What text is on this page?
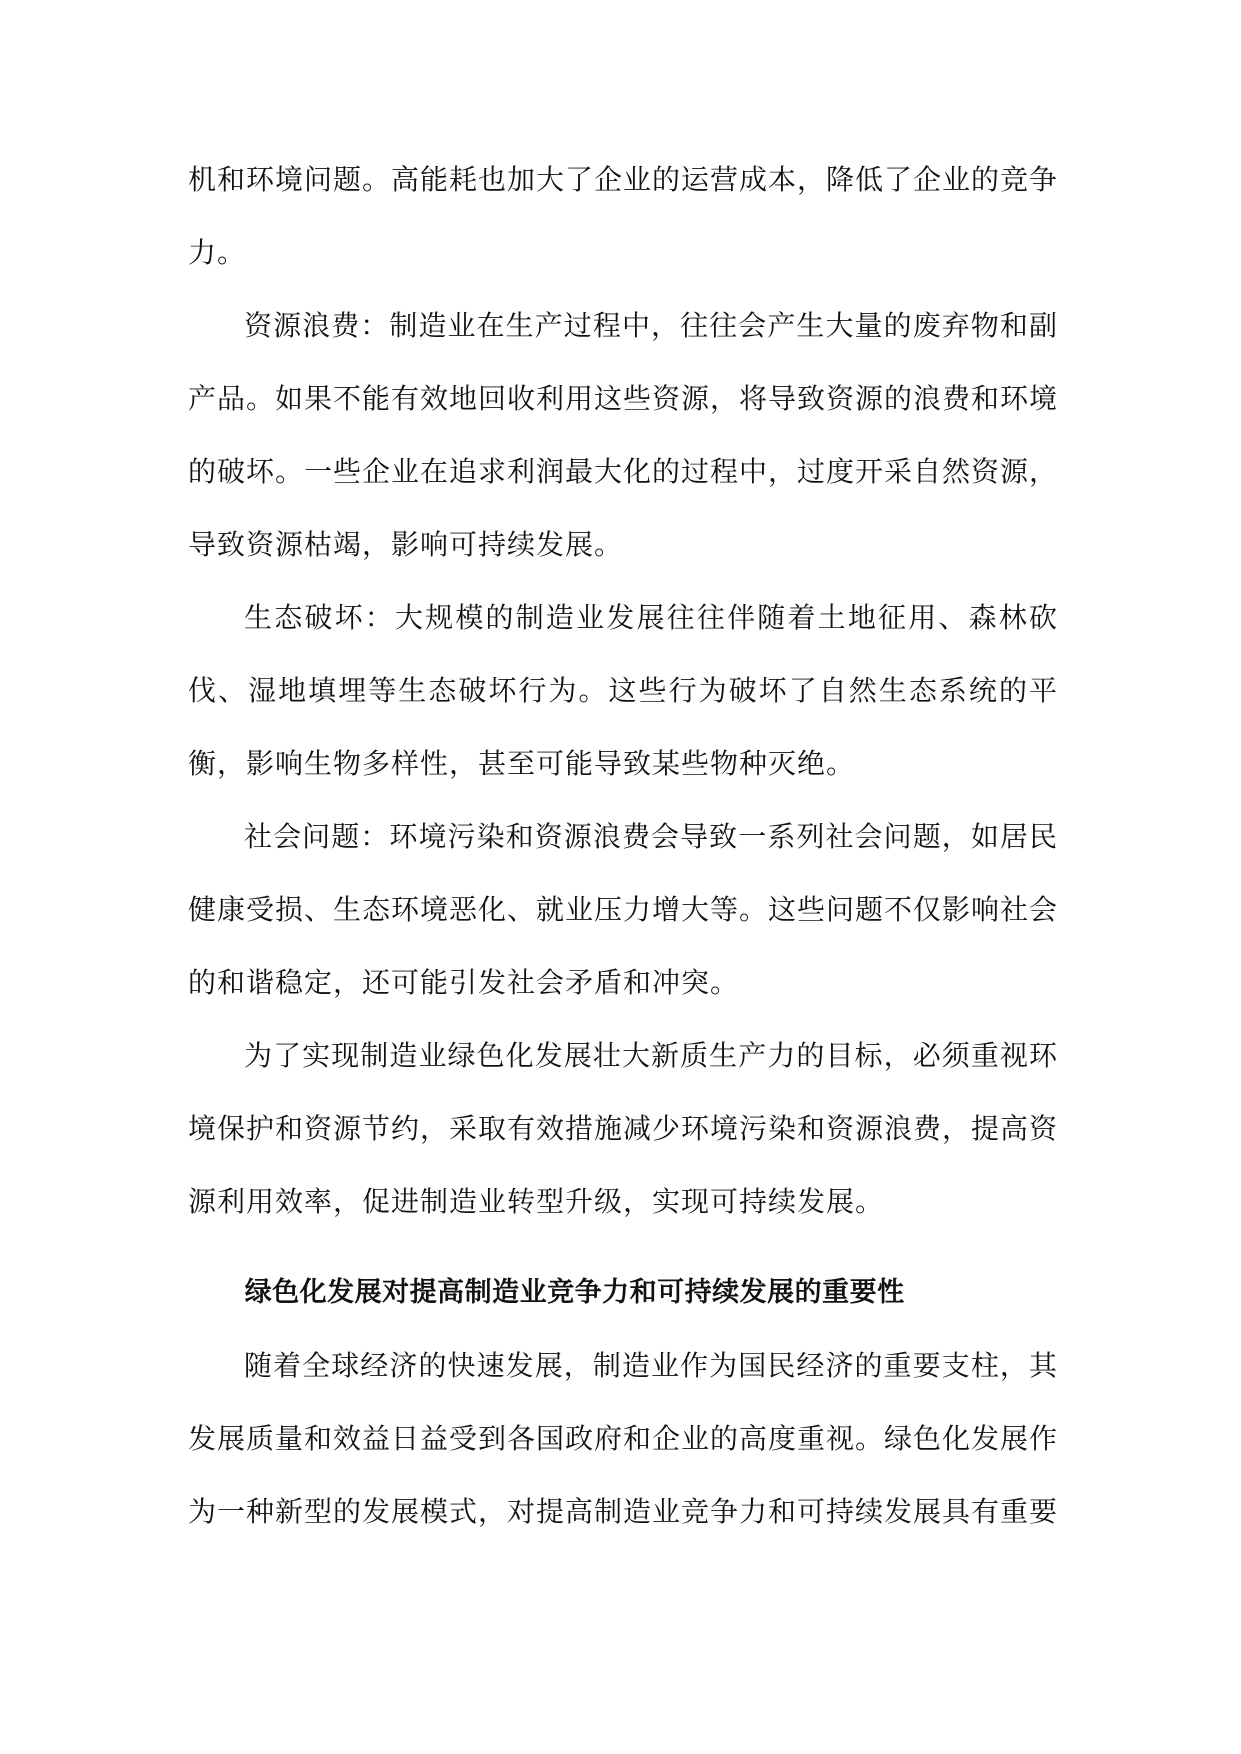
机和环境问题。高能耗也加大了企业的运营成本，降低了企业的竞争力。

资源浪费：制造业在生产过程中，往往会产生大量的废弃物和副产品。如果不能有效地回收利用这些资源，将导致资源的浪费和环境的破坏。一些企业在追求利润最大化的过程中，过度开采自然资源，导致资源枯竭，影响可持续发展。

生态破坏：大规模的制造业发展往往伴随着土地征用、森林砍伐、湿地填埋等生态破坏行为。这些行为破坏了自然生态系统的平衡，影响生物多样性，甚至可能导致某些物种灭绝。

社会问题：环境污染和资源浪费会导致一系列社会问题，如居民健康受损、生态环境恶化、就业压力增大等。这些问题不仅影响社会的和谐稳定，还可能引发社会矛盾和冲突。

为了实现制造业绿色化发展壮大新质生产力的目标，必须重视环境保护和资源节约，采取有效措施减少环境污染和资源浪费，提高资源利用效率，促进制造业转型升级，实现可持续发展。

绿色化发展对提高制造业竞争力和可持续发展的重要性

随着全球经济的快速发展，制造业作为国民经济的重要支柱，其发展质量和效益日益受到各国政府和企业的高度重视。绿色化发展作为一种新型的发展模式，对提高制造业竞争力和可持续发展具有重要
